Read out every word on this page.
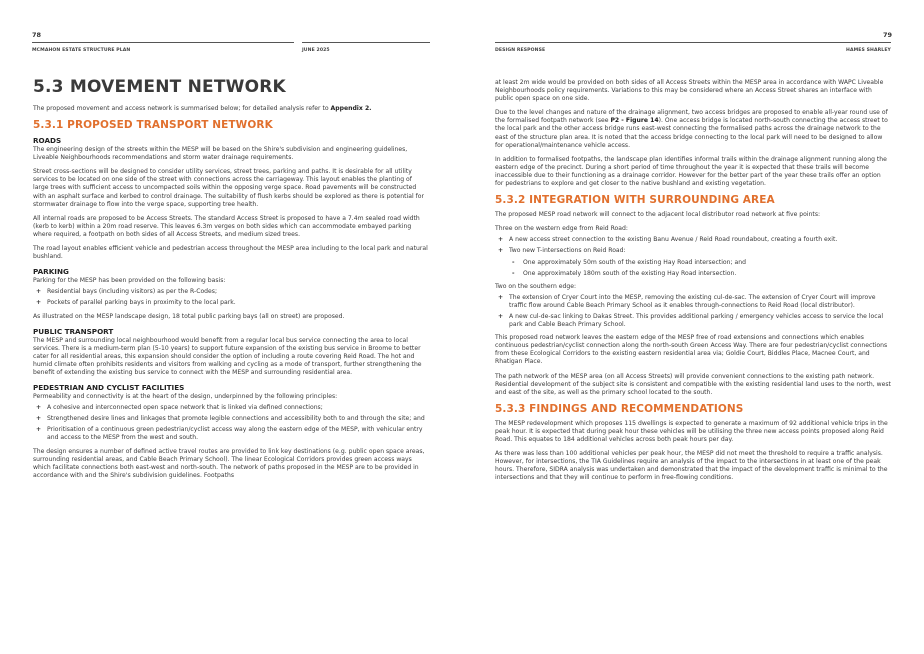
78
MCMAHON ESTATE STRUCTURE PLAN	JUNE 2025
5.3 MOVEMENT NETWORK

The proposed movement and access network is summarised below; for detailed analysis refer to Appendix 2.

5.3.1 PROPOSED TRANSPORT NETWORK
ROADS

The engineering design of the streets within the MESP will be based on the Shire's subdivision and engineering guidelines, Liveable Neighbourhoods recommendations and storm water drainage requirements.

Street cross-sections will be designed to consider utility services, street trees, parking and paths. It is desirable for all utility services to be located on one side of the street with connections across the carriageway. This layout enables the planting of large trees with sufficient access to uncompacted soils within the opposing verge space. Road pavements will be constructed with an asphalt surface and kerbed to control drainage. The suitability of flush kerbs should be explored as there is potential for stormwater drainage to flow into the verge space, supporting tree health.

All internal roads are proposed to be Access Streets. The standard Access Street is proposed to have a 7.4m sealed road width (kerb to kerb) within a 20m road reserve. This leaves 6.3m verges on both sides which can accommodate embayed parking where required, a footpath on both sides of all Access Streets, and medium sized trees.

The road layout enables efficient vehicle and pedestrian access throughout the MESP area including to the local park and natural bushland.

PARKING

Parking for the MESP has been provided on the following basis:

+ Residential bays (including visitors) as per the R-Codes;
+ Pockets of parallel parking bays in proximity to the local park.

As illustrated on the MESP landscape design, 18 total public parking bays (all on street) are proposed.

PUBLIC TRANSPORT

The MESP and surrounding local neighbourhood would benefit from a regular local bus service connecting the area to local services. There is a medium-term plan (5-10 years) to support future expansion of the existing bus service in Broome to better cater for all residential areas, this expansion should consider the option of including a route covering Reid Road. The hot and humid climate often prohibits residents and visitors from walking and cycling as a mode of transport, further strengthening the benefit of extending the existing bus service to connect with the MESP and surrounding residential area.

PEDESTRIAN AND CYCLIST FACILITIES

Permeability and connectivity is at the heart of the design, underpinned by the following principles:

+ A cohesive and interconnected open space network that is linked via defined connections;
+ Strengthened desire lines and linkages that promote legible connections and accessibility both to and through the site; and
+ Prioritisation of a continuous green pedestrian/cyclist access way along the eastern edge of the MESP, with vehicular entry and access to the MESP from the west and south.

The design ensures a number of defined active travel routes are provided to link key destinations (e.g. public open space areas, surrounding residential areas, and Cable Beach Primary School). The linear Ecological Corridors provides green access ways which facilitate connections both east-west and north-south. The network of paths proposed in the MESP are to be provided in accordance with and the Shire's subdivision guidelines. Footpaths

79
DESIGN RESPONSE	HAMES SHARLEY

at least 2m wide would be provided on both sides of all Access Streets within the MESP area in accordance with WAPC Liveable Neighbourhoods policy requirements. Variations to this may be considered where an Access Street shares an interface with public open space on one side.

Due to the level changes and nature of the drainage alignment, two access bridges are proposed to enable all-year round use of the formalised footpath network (see P2 - Figure 14). One access bridge is located north-south connecting the access street to the local park and the other access bridge runs east-west connecting the formalised paths across the drainage network to the east of the structure plan area. It is noted that the access bridge connecting to the local park will need to be designed to allow for operational/maintenance vehicle access.

In addition to formalised footpaths, the landscape plan identifies informal trails within the drainage alignment running along the eastern edge of the precinct. During a short period of time throughout the year it is expected that these trails will become inaccessible due to their functioning as a drainage corridor. However for the better part of the year these trails offer an option for pedestrians to explore and get closer to the native bushland and existing vegetation.

5.3.2 INTEGRATION WITH SURROUNDING AREA

The proposed MESP road network will connect to the adjacent local distributor road network at five points:

Three on the western edge from Reid Road:

+ A new access street connection to the existing Banu Avenue / Reid Road roundabout, creating a fourth exit.
+ Two new T-intersections on Reid Road:
- One approximately 50m south of the existing Hay Road intersection; and
- One approximately 180m south of the existing Hay Road intersection.

Two on the southern edge:

+ The extension of Cryer Court into the MESP, removing the existing cul-de-sac. The extension of Cryer Court will improve traffic flow around Cable Beach Primary School as it enables through-connections to Reid Road (local distributor).
+ A new cul-de-sac linking to Dakas Street. This provides additional parking / emergency vehicles access to service the local park and Cable Beach Primary School.

This proposed road network leaves the eastern edge of the MESP free of road extensions and connections which enables continuous pedestrian/cyclist connection along the north-south Green Access Way. There are four pedestrian/cyclist connections from these Ecological Corridors to the existing eastern residential area via; Goldie Court, Biddles Place, Macnee Court, and Rhatigan Place.

The path network of the MESP area (on all Access Streets) will provide convenient connections to the existing path network. Residential development of the subject site is consistent and compatible with the existing residential land uses to the north, west and east of the site, as well as the primary school located to the south.

5.3.3 FINDINGS AND RECOMMENDATIONS

The MESP redevelopment which proposes 115 dwellings is expected to generate a maximum of 92 additional vehicle trips in the peak hour. It is expected that during peak hour these vehicles will be utilising the three new access points proposed along Reid Road. This equates to 184 additional vehicles across both peak hours per day.

As there was less than 100 additional vehicles per peak hour, the MESP did not meet the threshold to require a traffic analysis. However, for intersections, the TIA Guidelines require an analysis of the impact to the intersections in at least one of the peak hours. Therefore, SIDRA analysis was undertaken and demonstrated that the impact of the development traffic is minimal to the intersections and that they will continue to perform in free-flowing conditions.
